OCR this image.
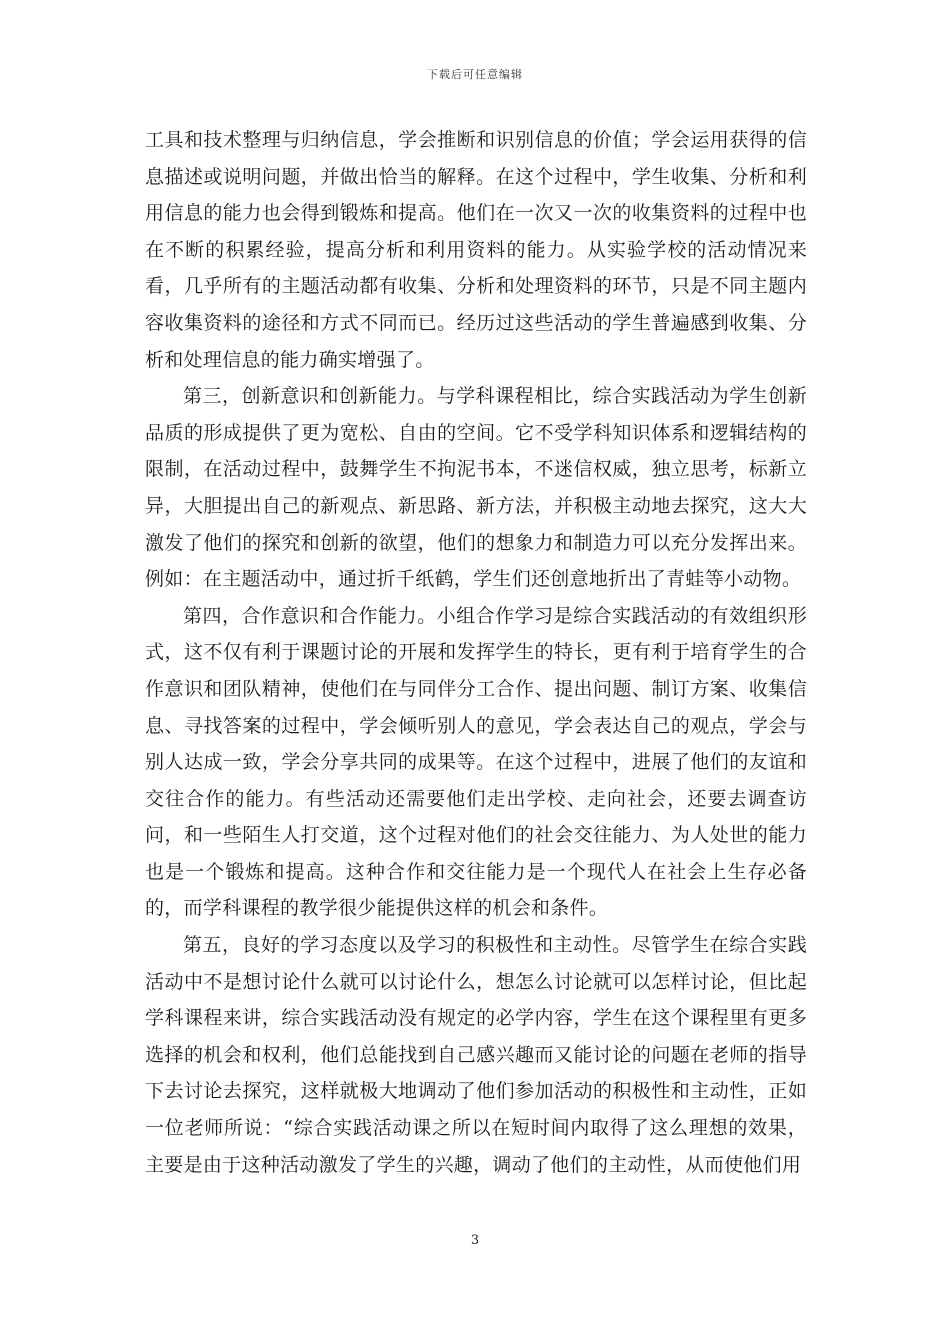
下载后可任意编辑

工具和技术整理与归纳信息，学会推断和识别信息的价值；学会运用获得的信息描述或说明问题，并做出恰当的解释。在这个过程中，学生收集、分析和利用信息的能力也会得到锻炼和提高。他们在一次又一次的收集资料的过程中也在不断的积累经验，提高分析和利用资料的能力。从实验学校的活动情况来看，几乎所有的主题活动都有收集、分析和处理资料的环节，只是不同主题内容收集资料的途径和方式不同而已。经历过这些活动的学生普遍感到收集、分析和处理信息的能力确实增强了。

第三，创新意识和创新能力。与学科课程相比，综合实践活动为学生创新品质的形成提供了更为宽松、自由的空间。它不受学科知识体系和逻辑结构的限制，在活动过程中，鼓舞学生不拘泥书本，不迷信权威，独立思考，标新立异，大胆提出自己的新观点、新思路、新方法，并积极主动地去探究，这大大激发了他们的探究和创新的欲望，他们的想象力和制造力可以充分发挥出来。例如：在主题活动中，通过折千纸鹤，学生们还创意地折出了青蛙等小动物。

第四，合作意识和合作能力。小组合作学习是综合实践活动的有效组织形式，这不仅有利于课题讨论的开展和发挥学生的特长，更有利于培育学生的合作意识和团队精神，使他们在与同伴分工合作、提出问题、制订方案、收集信息、寻找答案的过程中，学会倾听别人的意见，学会表达自己的观点，学会与别人达成一致，学会分享共同的成果等。在这个过程中，进展了他们的友谊和交往合作的能力。有些活动还需要他们走出学校、走向社会，还要去调查访问，和一些陌生人打交道，这个过程对他们的社会交往能力、为人处世的能力也是一个锻炼和提高。这种合作和交往能力是一个现代人在社会上生存必备的，而学科课程的教学很少能提供这样的机会和条件。

第五，良好的学习态度以及学习的积极性和主动性。尽管学生在综合实践活动中不是想讨论什么就可以讨论什么，想怎么讨论就可以怎样讨论，但比起学科课程来讲，综合实践活动没有规定的必学内容，学生在这个课程里有更多选择的机会和权利，他们总能找到自己感兴趣而又能讨论的问题在老师的指导下去讨论去探究，这样就极大地调动了他们参加活动的积极性和主动性，正如一位老师所说：“综合实践活动课之所以在短时间内取得了这么理想的效果，主要是由于这种活动激发了学生的兴趣，调动了他们的主动性，从而使他们用

3
